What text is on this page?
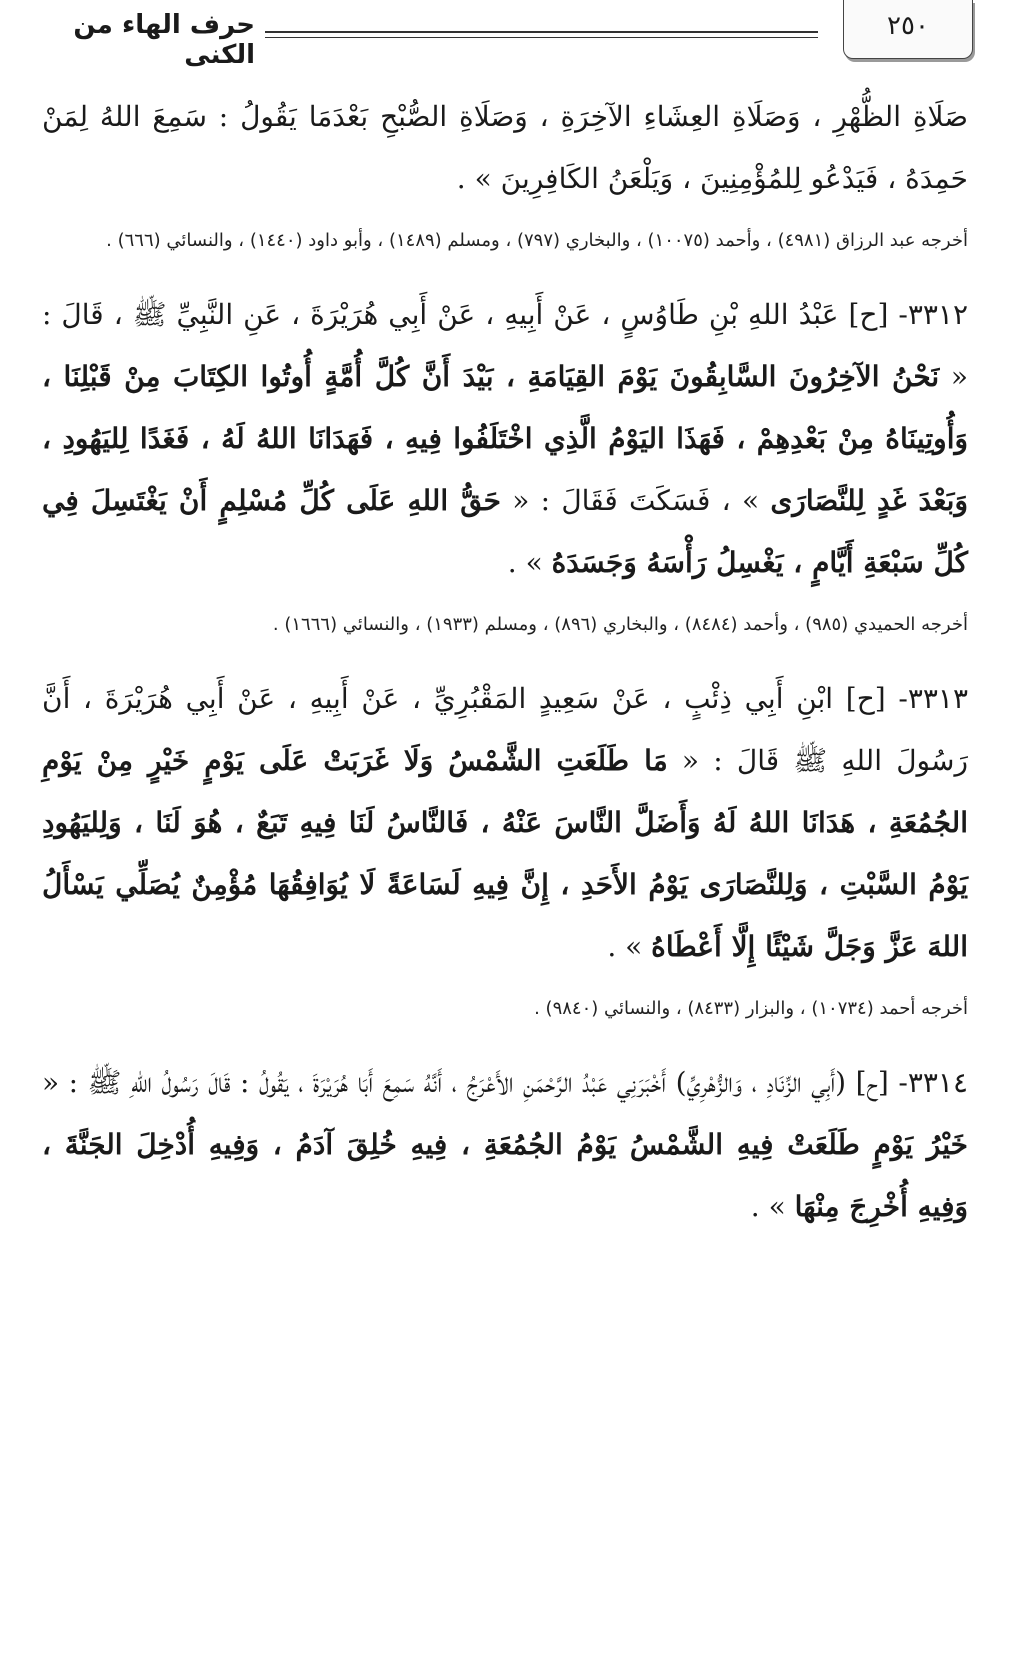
٢٥٠
حرف الهاء من الكنى

صَلَاةِ الظُّهْرِ ، وَصَلَاةِ العِشَاءِ الآخِرَةِ ، وَصَلَاةِ الصُّبْحِ بَعْدَمَا يَقُولُ : سَمِعَ اللهُ لِمَنْ حَمِدَهُ ، فَيَدْعُو لِلمُؤْمِنِينَ ، وَيَلْعَنُ الكَافِرِينَ » .

أخرجه عبد الرزاق (٤٩٨١) ، وأحمد (١٠٠٧٥) ، والبخاري (٧٩٧) ، ومسلم (١٤٨٩) ، وأبو داود (١٤٤٠) ، والنسائي (٦٦٦) .

٣٣١٢- [ح] عَبْدُ اللهِ بْنِ طَاوُسٍ ، عَنْ أَبِيهِ ، عَنْ أَبِي هُرَيْرَةَ ، عَنِ النَّبِيِّ ﷺ ، قَالَ : « نَحْنُ الآخِرُونَ السَّابِقُونَ يَوْمَ القِيَامَةِ ، بَيْدَ أَنَّ كُلَّ أُمَّةٍ أُوتُوا الكِتَابَ مِنْ قَبْلِنَا ، وَأُوتِينَاهُ مِنْ بَعْدِهِمْ ، فَهَذَا اليَوْمُ الَّذِي اخْتَلَفُوا فِيهِ ، فَهَدَانَا اللهُ لَهُ ، فَغَدًا لِليَهُودِ ، وَبَعْدَ غَدٍ لِلنَّصَارَى » ، فَسَكَتَ فَقَالَ : « حَقُّ اللهِ عَلَى كُلِّ مُسْلِمٍ أَنْ يَغْتَسِلَ فِي كُلِّ سَبْعَةِ أَيَّامٍ ، يَغْسِلُ رَأْسَهُ وَجَسَدَهُ » .

أخرجه الحميدي (٩٨٥) ، وأحمد (٨٤٨٤) ، والبخاري (٨٩٦) ، ومسلم (١٩٣٣) ، والنسائي (١٦٦٦) .

٣٣١٣- [ح] ابْنِ أَبِي ذِئْبٍ ، عَنْ سَعِيدٍ المَقْبُرِيِّ ، عَنْ أَبِيهِ ، عَنْ أَبِي هُرَيْرَةَ ، أَنَّ رَسُولَ اللهِ ﷺ قَالَ : « مَا طَلَعَتِ الشَّمْسُ وَلَا غَرَبَتْ عَلَى يَوْمٍ خَيْرٍ مِنْ يَوْمِ الجُمُعَةِ ، هَدَانَا اللهُ لَهُ وَأَضَلَّ النَّاسَ عَنْهُ ، فَالنَّاسُ لَنَا فِيهِ تَبَعٌ ، هُوَ لَنَا ، وَلِليَهُودِ يَوْمُ السَّبْتِ ، وَلِلنَّصَارَى يَوْمُ الأَحَدِ ، إِنَّ فِيهِ لَسَاعَةً لَا يُوَافِقُهَا مُؤْمِنٌ يُصَلِّي يَسْأَلُ اللهَ عَزَّ وَجَلَّ شَيْئًا إِلَّا أَعْطَاهُ » .

أخرجه أحمد (١٠٧٣٤) ، والبزار (٨٤٣٣) ، والنسائي (٩٨٤٠) .

٣٣١٤- [ح] (أَبِي الزِّنَادِ ، وَالزُّهْرِيِّ) أَخْبَرَنِي عَبْدُ الرَّحْمَنِ الأَعْرَجُ ، أَنَّهُ سَمِعَ أَبَا هُرَيْرَةَ ، يَقُولُ : قَالَ رَسُولُ اللهِ ﷺ : « خَيْرُ يَوْمٍ طَلَعَتْ فِيهِ الشَّمْسُ يَوْمُ الجُمُعَةِ ، فِيهِ خُلِقَ آدَمُ ، وَفِيهِ أُدْخِلَ الجَنَّةَ ، وَفِيهِ أُخْرِجَ مِنْهَا » .
